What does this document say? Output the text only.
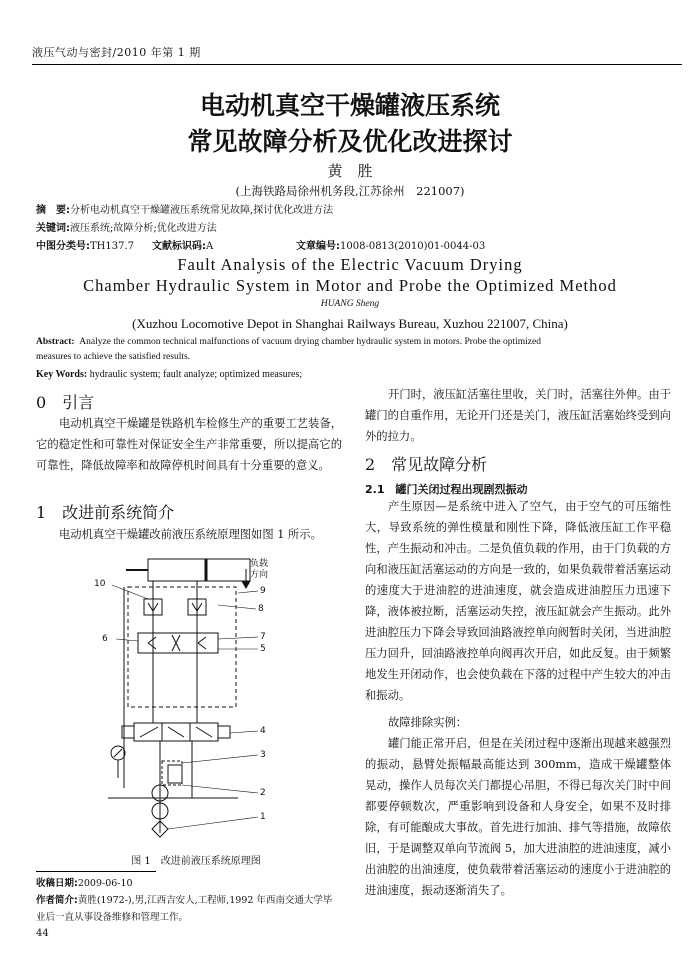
液压气动与密封/2010 年第 1 期
电动机真空干燥罐液压系统
常见故障分析及优化改进探讨
黄　胜
(上海铁路局徐州机务段,江苏徐州　221007)
摘　要:分析电动机真空干燥罐液压系统常见故障,探讨优化改进方法
关键词:液压系统;故障分析;优化改进方法
中图分类号:TH137.7 文献标识码:A	文章编号:1008-0813(2010)01-0044-03
Fault Analysis of the Electric Vacuum Drying
Chamber Hydraulic System in Motor and Probe the Optimized Method
HUANG Sheng
(Xuzhou Locomotive Depot in Shanghai Railways Bureau, Xuzhou 221007, China)
Abstract: Analyze the common technical malfunctions of vacuum drying chamber hydraulic system in motors. Probe the optimized
measures to achieve the satisfied results.
Key Words: hydraulic system; fault analyze; optimized measures;
0　引言
电动机真空干燥罐是铁路机车检修生产的重要工艺装备，它的稳定性和可靠性对保证安全生产非常重要，所以提高它的可靠性，降低故障率和故障停机时间具有十分重要的意义。
1　改进前系统简介
电动机真空干燥罐改前液压系统原理图如图 1 所示。
负载
方向
10
9
8
6	7
5
4
3
2
1
图 1　改进前液压系统原理图
收稿日期:2009-06-10
作者简介:黄胜(1972-),男,江西吉安人,工程师,1992 年西南交通大学毕
业后一直从事设备维修和管理工作。
44
开门时，液压缸活塞往里收，关门时，活塞往外伸。由于罐门的自重作用，无论开门还是关门，液压缸活塞始终受到向外的拉力。
2　常见故障分析
2.1　罐门关闭过程出现剧烈振动
产生原因—是系统中进入了空气，由于空气的可压缩性大，导致系统的弹性模量和刚性下降，降低液压缸工作平稳性，产生振动和冲击。二是负值负载的作用，由于门负载的方向和液压缸活塞运动的方向是一致的，如果负载带着活塞运动的速度大于进油腔的进油速度，就会造成进油腔压力迅速下降，液体被拉断，活塞运动失控，液压缸就会产生振动。此外进油腔压力下降会导致回油路液控单向阀暂时关闭，当进油腔压力回升，回油路液控单向阀再次开启，如此反复。由于频繁地发生开闭动作，也会使负载在下落的过程中产生较大的冲击和振动。
故障排除实例：
罐门能正常开启，但是在关闭过程中逐渐出现越来越强烈的振动，悬臂处振幅最高能达到 300mm，造成干燥罐整体晃动，操作人员每次关门都提心吊胆，不得已每次关门时中间都要停顿数次，严重影响到设备和人身安全，如果不及时排除，有可能酿成大事故。首先进行加油、排气等措施，故障依旧，于是调整双单向节流阀 5，加大进油腔的进油速度，减小出油腔的出油速度，使负载带着活塞运动的速度小于进油腔的进油速度，振动逐渐消失了。
